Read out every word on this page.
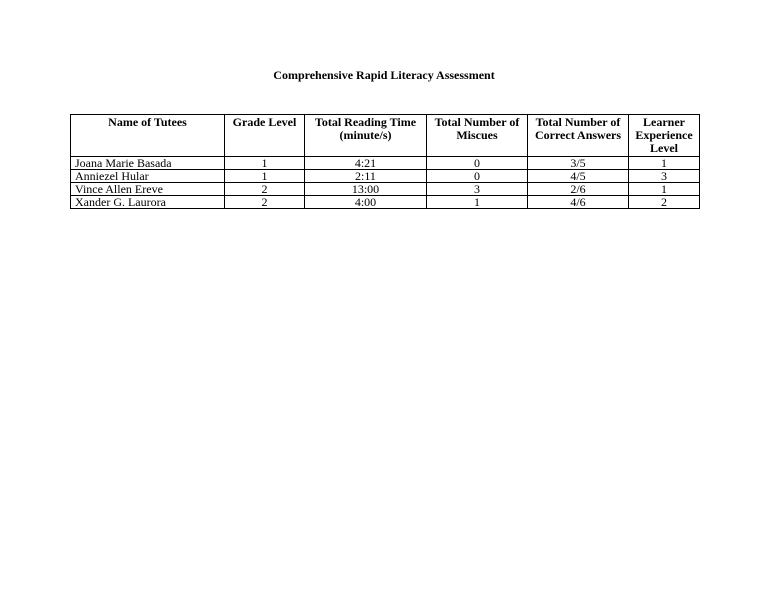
Comprehensive Rapid Literacy Assessment
Name of Tutees	Grade Level	Total Reading Time (minute/s)	Total Number of Miscues	Total Number of Correct Answers	Learner Experience Level
Joana Marie Basada	1	4:21	0	3/5	1
Anniezel Hular	1	2:11	0	4/5	3
Vince Allen Ereve	2	13:00	3	2/6	1
Xander G. Laurora	2	4:00	1	4/6	2
